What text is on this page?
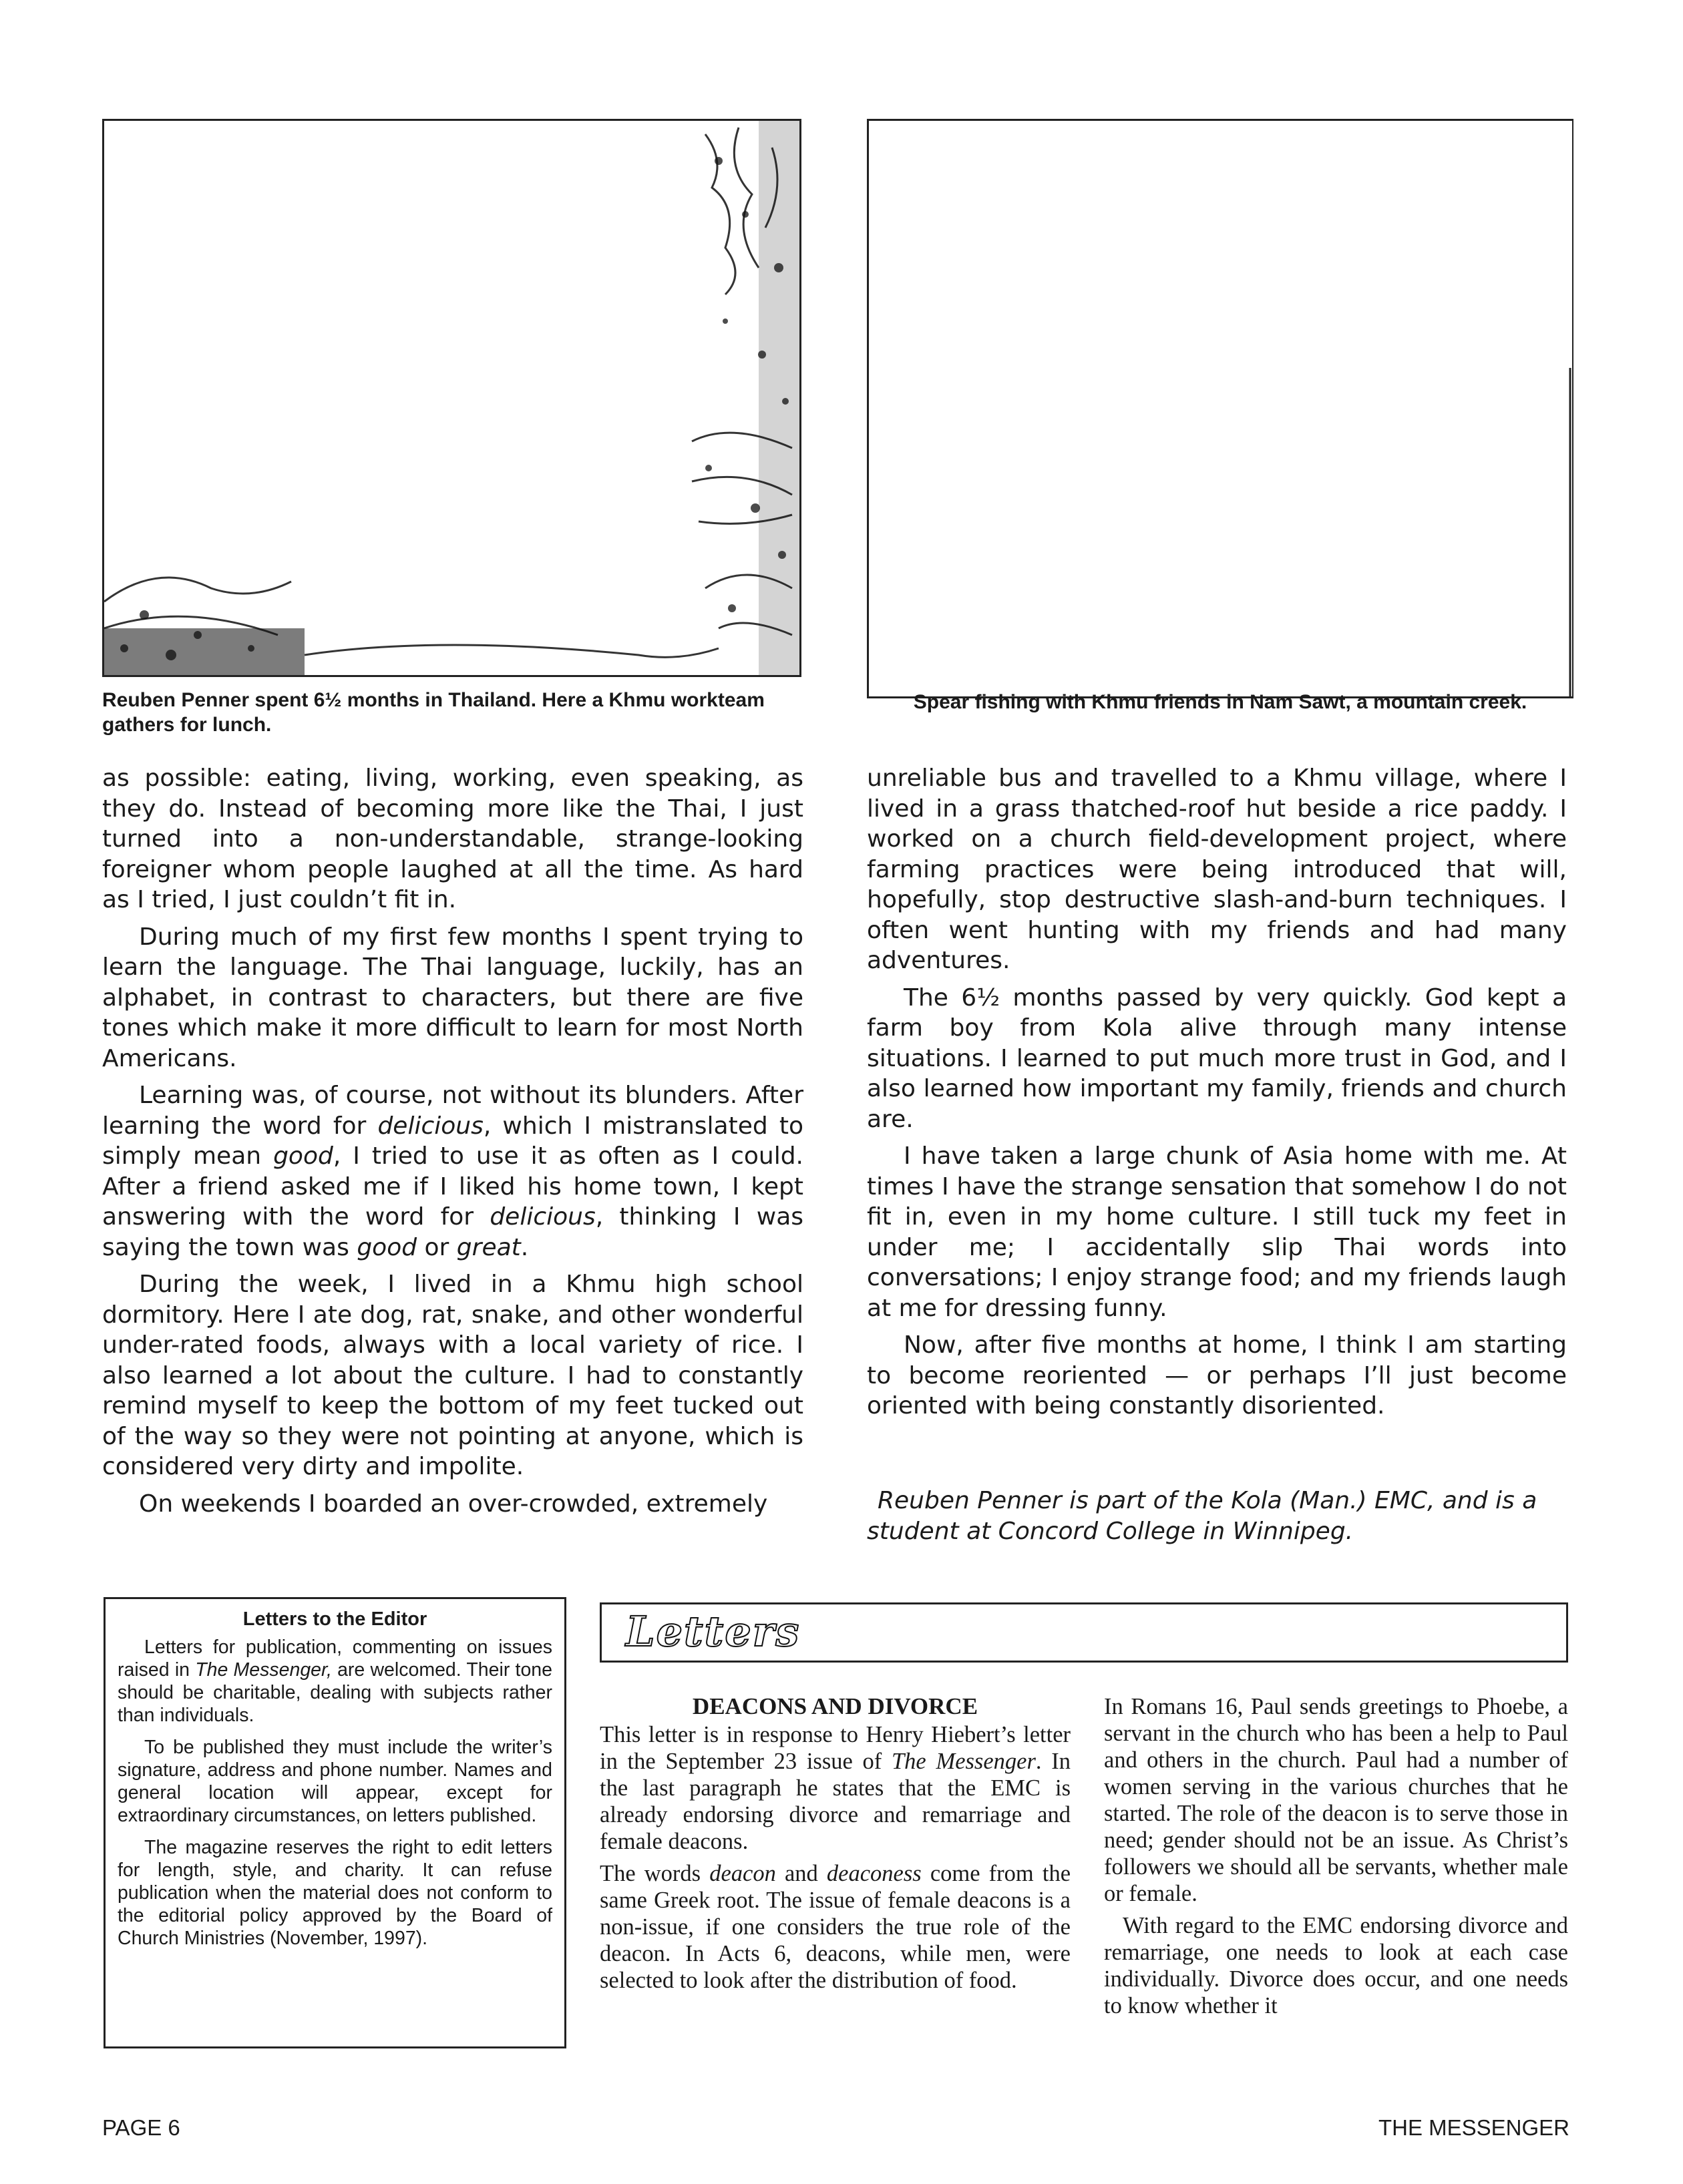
Reuben Penner spent 6½ months in Thailand. Here a Khmu workteam
gathers for lunch.
Spear fishing with Khmu friends in Nam Sawt, a mountain creek.

as possible: eating, living, working, even speaking, as they do. Instead of becoming more like the Thai, I just turned into a non-understandable, strange-looking foreigner whom people laughed at all the time. As hard as I tried, I just couldn’t fit in.

During much of my first few months I spent trying to learn the language. The Thai language, luckily, has an alphabet, in contrast to characters, but there are five tones which make it more difficult to learn for most North Americans.

Learning was, of course, not without its blunders. After learning the word for delicious, which I mistranslated to simply mean good, I tried to use it as often as I could. After a friend asked me if I liked his home town, I kept answering with the word for delicious, thinking I was saying the town was good or great.

During the week, I lived in a Khmu high school dormitory. Here I ate dog, rat, snake, and other wonderful under-rated foods, always with a local variety of rice. I also learned a lot about the culture. I had to constantly remind myself to keep the bottom of my feet tucked out of the way so they were not pointing at anyone, which is considered very dirty and impolite.

On weekends I boarded an over-crowded, extremely

unreliable bus and travelled to a Khmu village, where I lived in a grass thatched-roof hut beside a rice paddy. I worked on a church field-development project, where farming practices were being introduced that will, hopefully, stop destructive slash-and-burn techniques. I often went hunting with my friends and had many adventures.

The 6½ months passed by very quickly. God kept a farm boy from Kola alive through many intense situations. I learned to put much more trust in God, and I also learned how important my family, friends and church are.

I have taken a large chunk of Asia home with me. At times I have the strange sensation that somehow I do not fit in, even in my home culture. I still tuck my feet in under me; I accidentally slip Thai words into conversations; I enjoy strange food; and my friends laugh at me for dressing funny.

Now, after five months at home, I think I am starting to become reoriented — or perhaps I’ll just become oriented with being constantly disoriented.

Reuben Penner is part of the Kola (Man.) EMC, and is a student at Concord College in Winnipeg.
Letters to the Editor

Letters for publication, commenting on issues raised in The Messenger, are welcomed. Their tone should be charitable, dealing with subjects rather than individuals.

To be published they must include the writer’s signature, address and phone number. Names and general location will appear, except for extraordinary circumstances, on letters published.

The magazine reserves the right to edit letters for length, style, and charity. It can refuse publication when the material does not conform to the editorial policy approved by the Board of Church Ministries (November, 1997).

Letters
DEACONS AND DIVORCE

This letter is in response to Henry Hiebert’s letter in the September 23 issue of The Messenger. In the last paragraph he states that the EMC is already endorsing divorce and remarriage and female deacons.

The words deacon and deaconess come from the same Greek root. The issue of female deacons is a non-issue, if one considers the true role of the deacon. In Acts 6, deacons, while men, were selected to look after the distribution of food.

In Romans 16, Paul sends greetings to Phoebe, a servant in the church who has been a help to Paul and others in the church. Paul had a number of women serving in the various churches that he started. The role of the deacon is to serve those in need; gender should not be an issue. As Christ’s followers we should all be servants, whether male or female.

With regard to the EMC endorsing divorce and remarriage, one needs to look at each case individually. Divorce does occur, and one needs to know whether it

PAGE 6	THE MESSENGER
